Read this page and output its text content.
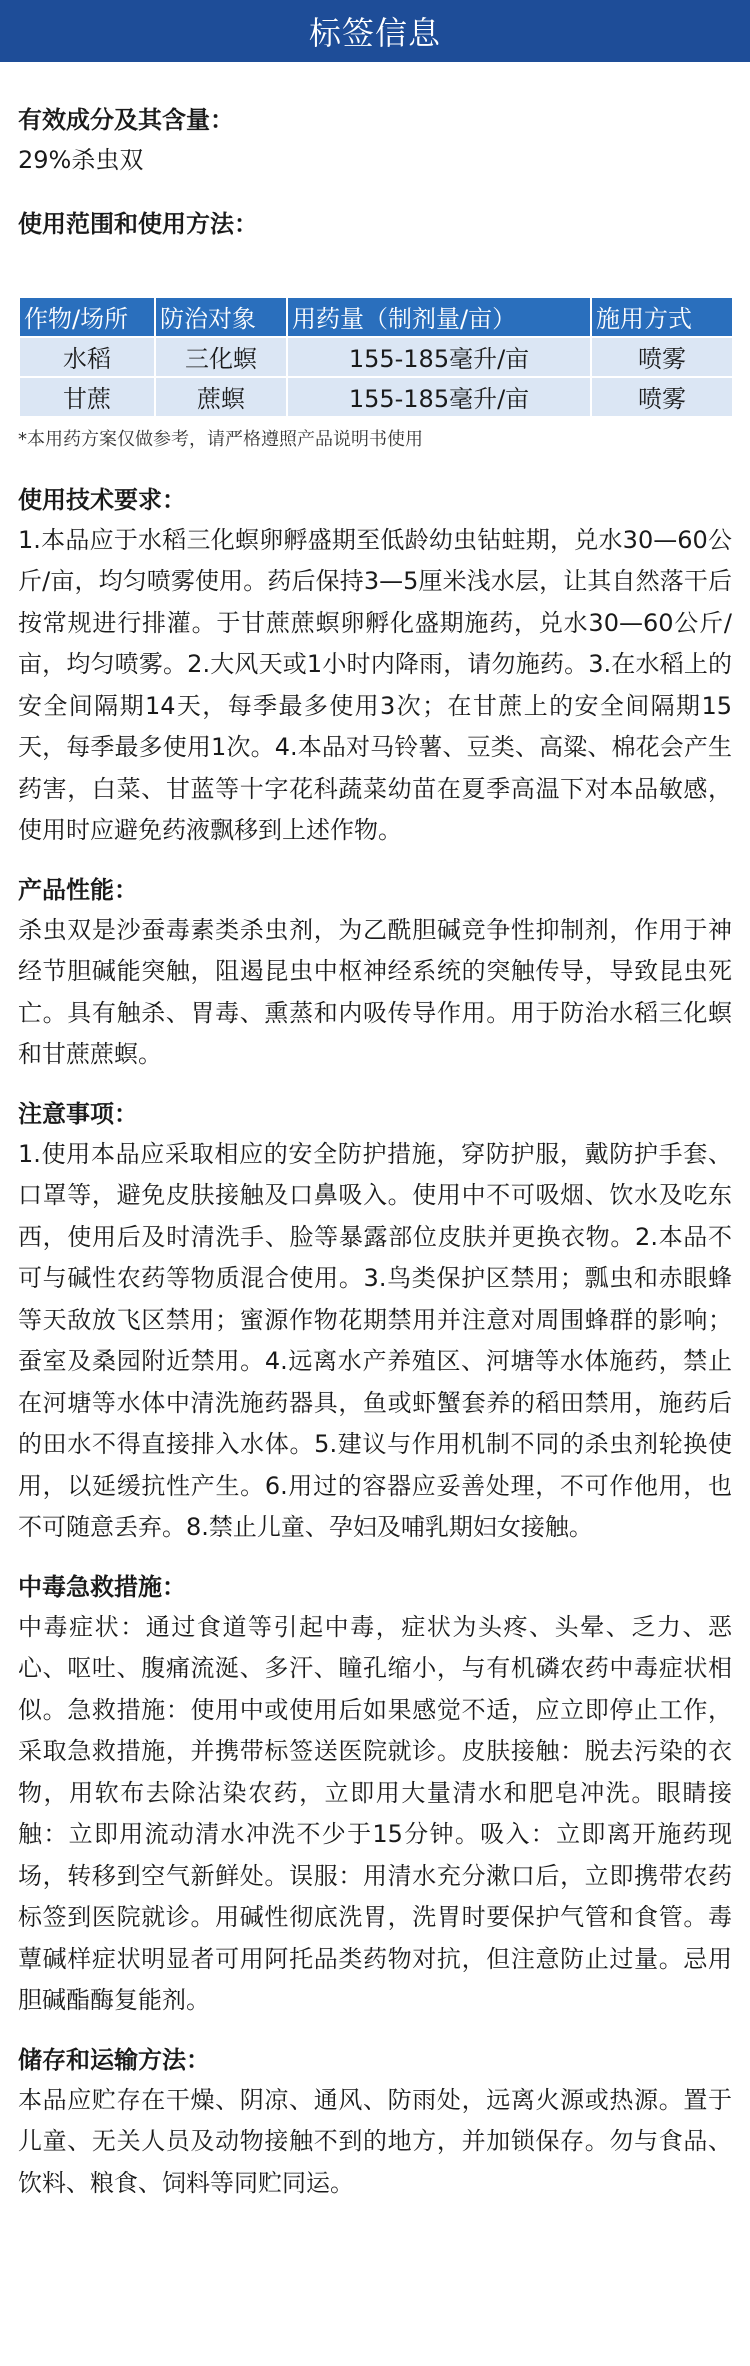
标签信息
有效成分及其含量：
29%杀虫双
使用范围和使用方法：
作物/场所	防治对象	用药量（制剂量/亩）	施用方式
水稻	三化螟	155-185毫升/亩	喷雾
甘蔗	蔗螟	155-185毫升/亩	喷雾
*本用药方案仅做参考，请严格遵照产品说明书使用
使用技术要求：
1.本品应于水稻三化螟卵孵盛期至低龄幼虫钻蛀期，兑水30—60公斤/亩，均匀喷雾使用。药后保持3—5厘米浅水层，让其自然落干后按常规进行排灌。于甘蔗蔗螟卵孵化盛期施药，兑水30—60公斤/亩，均匀喷雾。2.大风天或1小时内降雨，请勿施药。3.在水稻上的安全间隔期14天，每季最多使用3次；在甘蔗上的安全间隔期15天，每季最多使用1次。4.本品对马铃薯、豆类、高粱、棉花会产生药害，白菜、甘蓝等十字花科蔬菜幼苗在夏季高温下对本品敏感，使用时应避免药液飘移到上述作物。
产品性能：
杀虫双是沙蚕毒素类杀虫剂，为乙酰胆碱竞争性抑制剂，作用于神经节胆碱能突触，阻遏昆虫中枢神经系统的突触传导，导致昆虫死亡。具有触杀、胃毒、熏蒸和内吸传导作用。用于防治水稻三化螟和甘蔗蔗螟。
注意事项：
1.使用本品应采取相应的安全防护措施，穿防护服，戴防护手套、口罩等，避免皮肤接触及口鼻吸入。使用中不可吸烟、饮水及吃东西，使用后及时清洗手、脸等暴露部位皮肤并更换衣物。2.本品不可与碱性农药等物质混合使用。3.鸟类保护区禁用；瓢虫和赤眼蜂等天敌放飞区禁用；蜜源作物花期禁用并注意对周围蜂群的影响；蚕室及桑园附近禁用。4.远离水产养殖区、河塘等水体施药，禁止在河塘等水体中清洗施药器具，鱼或虾蟹套养的稻田禁用，施药后的田水不得直接排入水体。5.建议与作用机制不同的杀虫剂轮换使用，以延缓抗性产生。6.用过的容器应妥善处理，不可作他用，也不可随意丢弃。8.禁止儿童、孕妇及哺乳期妇女接触。
中毒急救措施：
中毒症状：通过食道等引起中毒，症状为头疼、头晕、乏力、恶心、呕吐、腹痛流涎、多汗、瞳孔缩小，与有机磷农药中毒症状相似。急救措施：使用中或使用后如果感觉不适，应立即停止工作，采取急救措施，并携带标签送医院就诊。皮肤接触：脱去污染的衣物，用软布去除沾染农药，立即用大量清水和肥皂冲洗。眼睛接触：立即用流动清水冲洗不少于15分钟。吸入：立即离开施药现场，转移到空气新鲜处。误服：用清水充分漱口后，立即携带农药标签到医院就诊。用碱性彻底洗胃，洗胃时要保护气管和食管。毒蕈碱样症状明显者可用阿托品类药物对抗，但注意防止过量。忌用胆碱酯酶复能剂。
储存和运输方法：
本品应贮存在干燥、阴凉、通风、防雨处，远离火源或热源。置于儿童、无关人员及动物接触不到的地方，并加锁保存。勿与食品、饮料、粮食、饲料等同贮同运。
